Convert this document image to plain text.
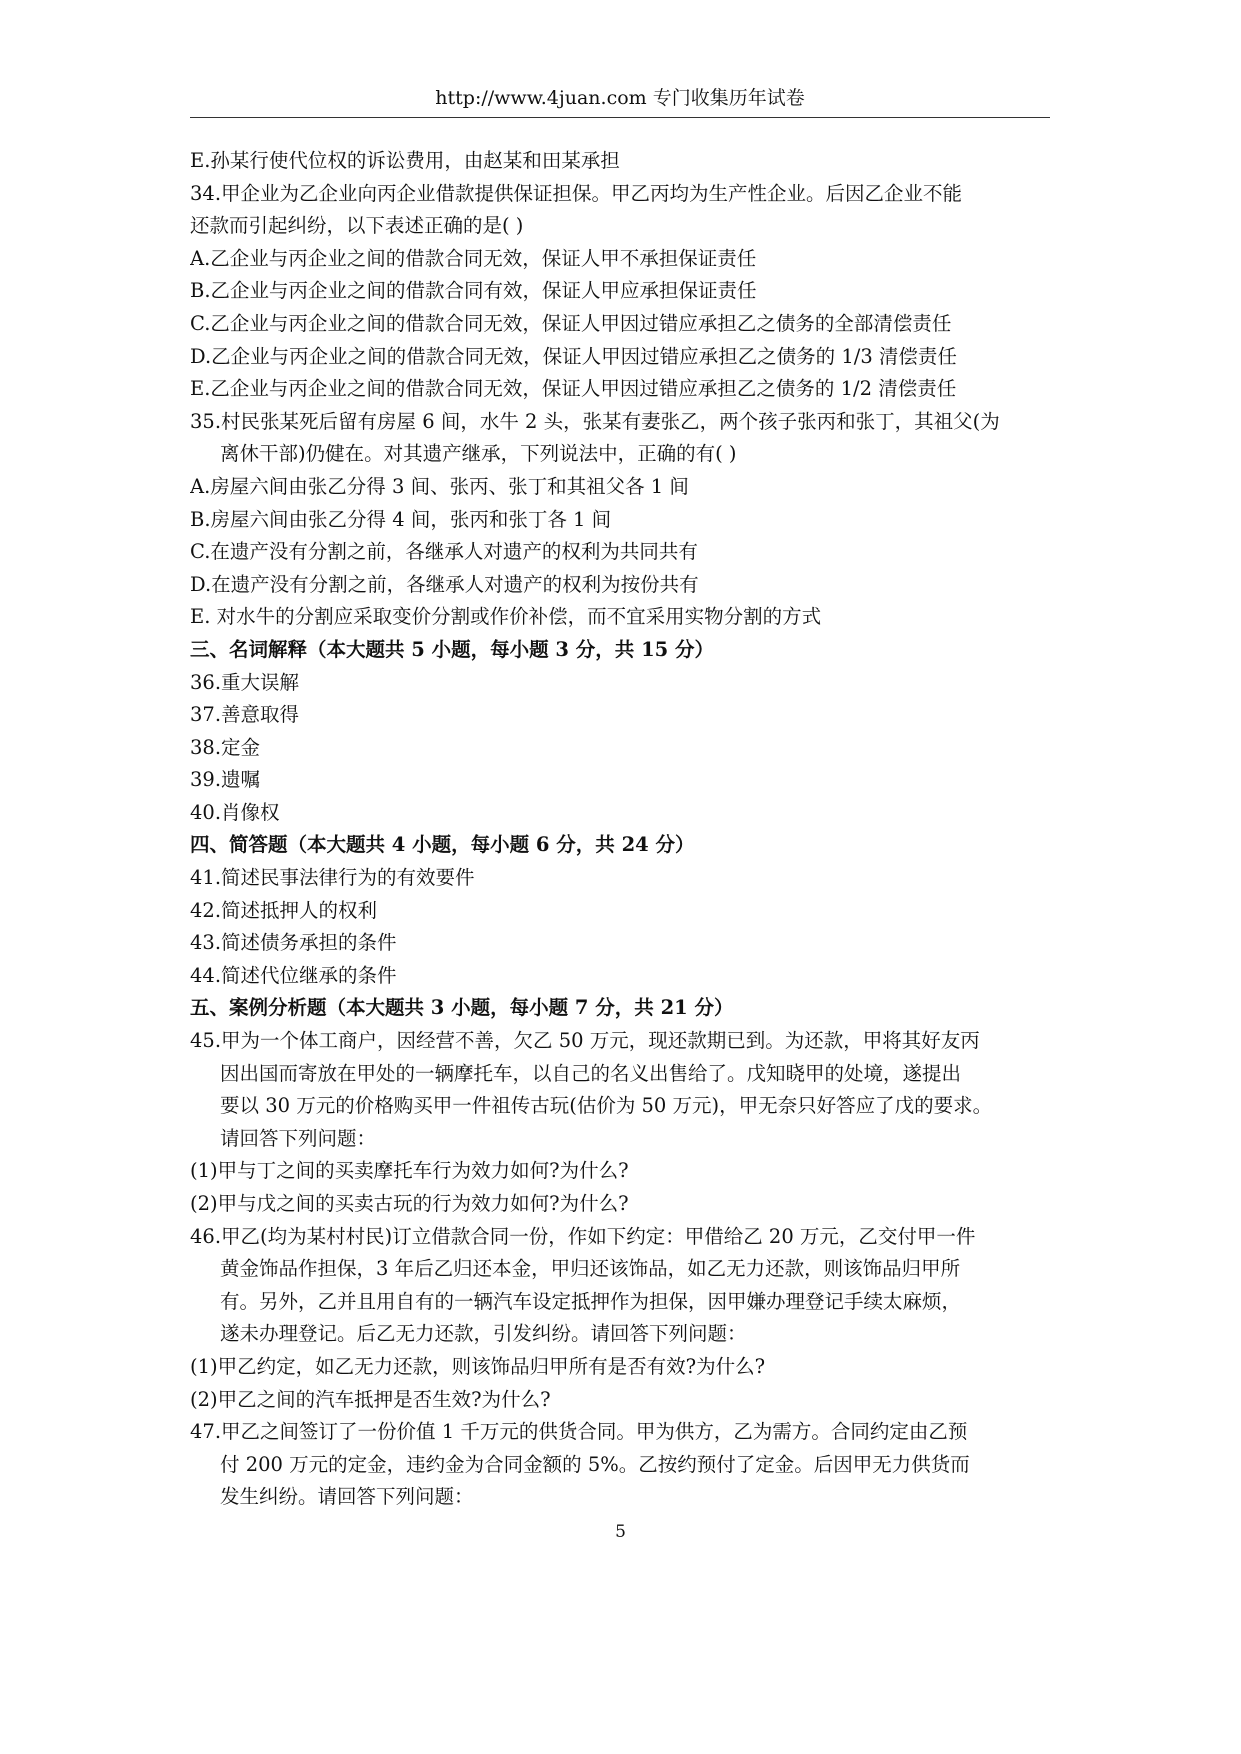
http://www.4juan.com 专门收集历年试卷
E.孙某行使代位权的诉讼费用，由赵某和田某承担
34.甲企业为乙企业向丙企业借款提供保证担保。甲乙丙均为生产性企业。后因乙企业不能
还款而引起纠纷，以下表述正确的是( )
A.乙企业与丙企业之间的借款合同无效，保证人甲不承担保证责任
B.乙企业与丙企业之间的借款合同有效，保证人甲应承担保证责任
C.乙企业与丙企业之间的借款合同无效，保证人甲因过错应承担乙之债务的全部清偿责任
D.乙企业与丙企业之间的借款合同无效，保证人甲因过错应承担乙之债务的 1/3 清偿责任
E.乙企业与丙企业之间的借款合同无效，保证人甲因过错应承担乙之债务的 1/2 清偿责任
35.村民张某死后留有房屋 6 间，水牛 2 头，张某有妻张乙，两个孩子张丙和张丁，其祖父(为
离休干部)仍健在。对其遗产继承，下列说法中，正确的有( )
A.房屋六间由张乙分得 3 间、张丙、张丁和其祖父各 1 间
B.房屋六间由张乙分得 4 间，张丙和张丁各 1 间
C.在遗产没有分割之前，各继承人对遗产的权利为共同共有
D.在遗产没有分割之前，各继承人对遗产的权利为按份共有
E. 对水牛的分割应采取变价分割或作价补偿，而不宜采用实物分割的方式
三、名词解释（本大题共 5 小题，每小题 3 分，共 15 分）
36.重大误解
37.善意取得
38.定金
39.遗嘱
40.肖像权
四、简答题（本大题共 4 小题，每小题 6 分，共 24 分）
41.简述民事法律行为的有效要件
42.简述抵押人的权利
43.简述债务承担的条件
44.简述代位继承的条件
五、案例分析题（本大题共 3 小题，每小题 7 分，共 21 分）
45.甲为一个体工商户，因经营不善，欠乙 50 万元，现还款期已到。为还款，甲将其好友丙
因出国而寄放在甲处的一辆摩托车，以自己的名义出售给了。戊知晓甲的处境，遂提出
要以 30 万元的价格购买甲一件祖传古玩(估价为 50 万元)，甲无奈只好答应了戊的要求。
请回答下列问题：
(1)甲与丁之间的买卖摩托车行为效力如何?为什么?
(2)甲与戊之间的买卖古玩的行为效力如何?为什么?
46.甲乙(均为某村村民)订立借款合同一份，作如下约定：甲借给乙 20 万元，乙交付甲一件
黄金饰品作担保，3 年后乙归还本金，甲归还该饰品，如乙无力还款，则该饰品归甲所
有。另外，乙并且用自有的一辆汽车设定抵押作为担保，因甲嫌办理登记手续太麻烦，
遂未办理登记。后乙无力还款，引发纠纷。请回答下列问题：
(1)甲乙约定，如乙无力还款，则该饰品归甲所有是否有效?为什么?
(2)甲乙之间的汽车抵押是否生效?为什么?
47.甲乙之间签订了一份价值 1 千万元的供货合同。甲为供方，乙为需方。合同约定由乙预
付 200 万元的定金，违约金为合同金额的 5%。乙按约预付了定金。后因甲无力供货而
发生纠纷。请回答下列问题：
5
